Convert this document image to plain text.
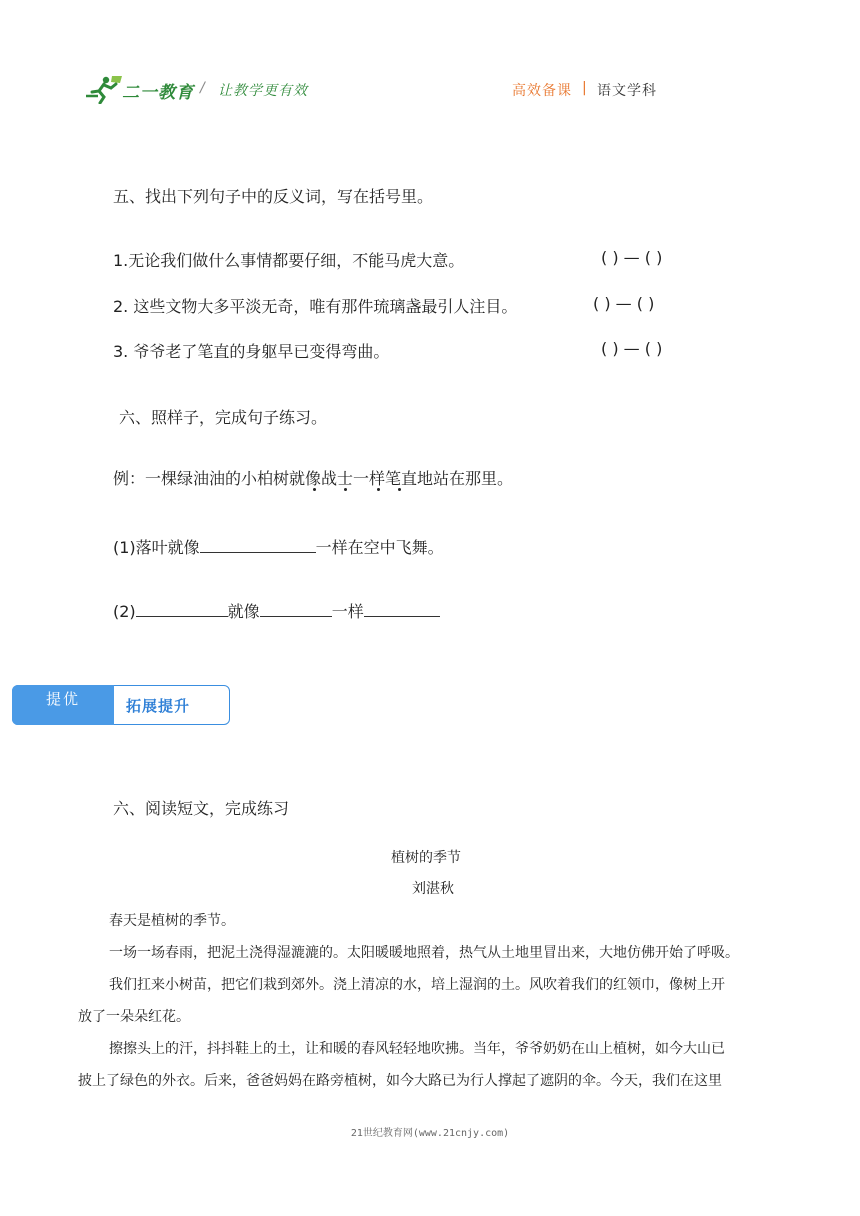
二一教育 / 让教学更有效	高效备课 | 语文学科
五、找出下列句子中的反义词，写在括号里。
1.无论我们做什么事情都要仔细，不能马虎大意。	( ) — ( )
2. 这些文物大多平淡无奇，唯有那件琉璃盏最引人注目。	( ) — ( )
3. 爷爷老了笔直的身躯早已变得弯曲。	( ) — ( )
六、照样子，完成句子练习。
例：一棵绿油油的小柏树就像战士一样笔直地站在那里。
(1)落叶就像	一样在空中飞舞。
(2)	就像	一样
提优	拓展提升
六、阅读短文，完成练习
植树的季节
刘湛秋
春天是植树的季节。
一场一场春雨，把泥土浇得湿漉漉的。太阳暖暖地照着，热气从土地里冒出来，大地仿佛开始了呼吸。
我们扛来小树苗，把它们栽到郊外。浇上清凉的水，培上湿润的土。风吹着我们的红领巾，像树上开
放了一朵朵红花。
擦擦头上的汗，抖抖鞋上的土，让和暖的春风轻轻地吹拂。当年，爷爷奶奶在山上植树，如今大山已
披上了绿色的外衣。后来，爸爸妈妈在路旁植树，如今大路已为行人撑起了遮阴的伞。今天，我们在这里
21世纪教育网(www.21cnjy.com)
